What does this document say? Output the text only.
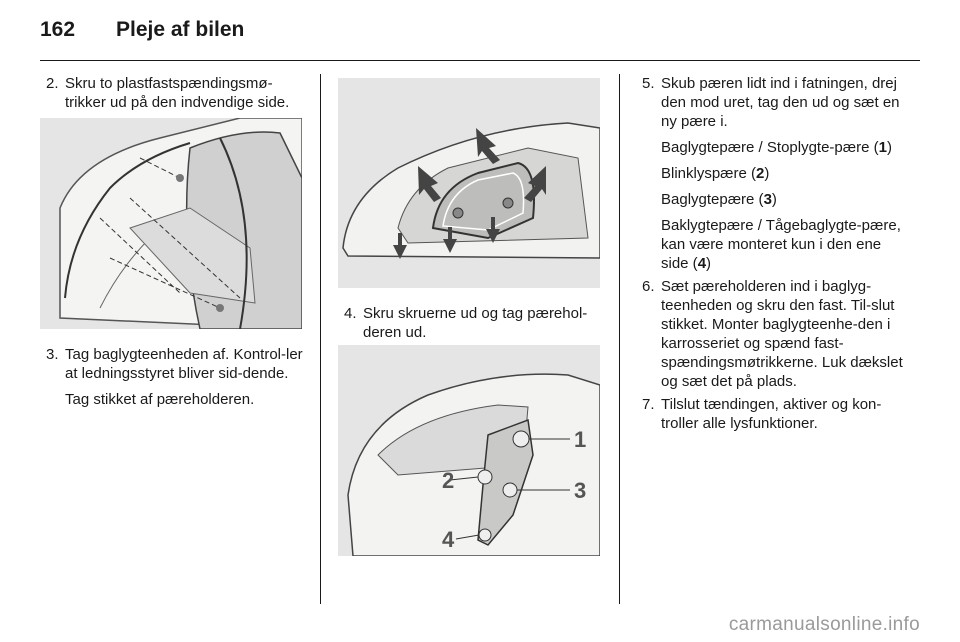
162	Pleje af bilen

2. Skru to plastfastspændingsmø-trikker ud på den indvendige side.

3. Tag baglygteenheden af. Kontrol-ler at ledningsstyret bliver sid-dende.

Tag stikket af pæreholderen.

4. Skru skruerne ud og tag pærehol-deren ud.

1
2	3
4

5. Skub pæren lidt ind i fatningen, drej den mod uret, tag den ud og sæt en ny pære i.

Baglygtepære / Stoplygte-pære (1)

Blinklyspære (2)

Baglygtepære (3)

Baklygtepære / Tågebaglygte-pære, kan være monteret kun i den ene side (4)

6. Sæt pæreholderen ind i baglyg-teenheden og skru den fast. Til-slut stikket. Monter baglygteenhe-den i karrosseriet og spænd fast-spændingsmøtrikkerne. Luk dækslet og sæt det på plads.

7. Tilslut tændingen, aktiver og kon-troller alle lysfunktioner.

carmanualsonline.info
